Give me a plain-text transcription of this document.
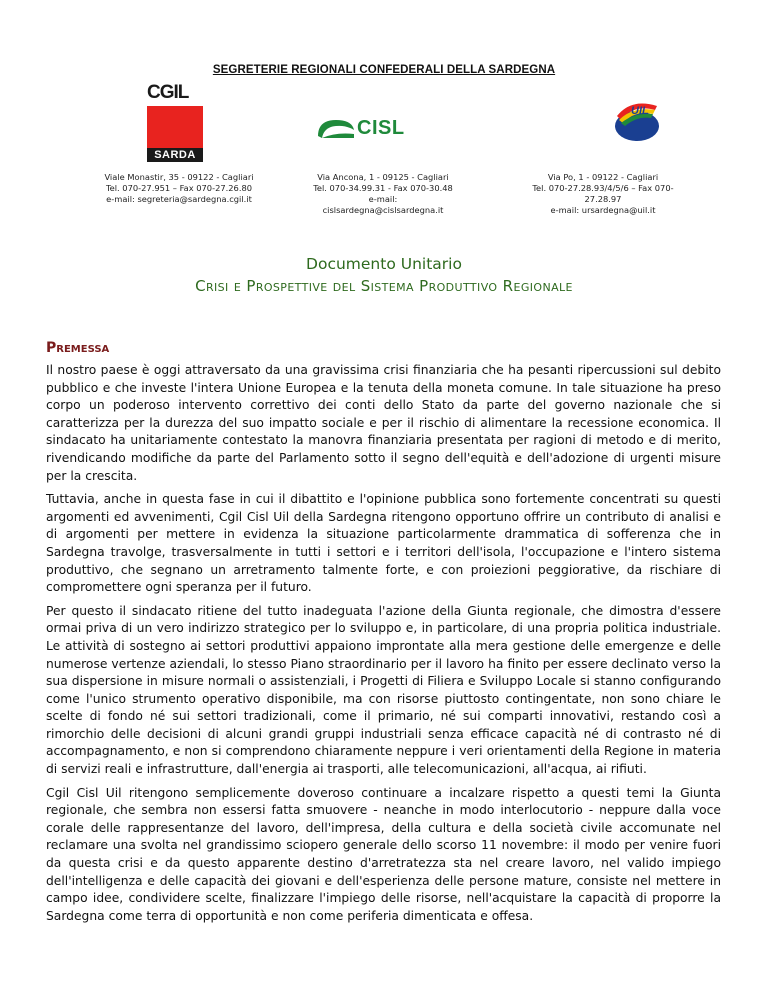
SEGRETERIE REGIONALI CONFEDERALI DELLA SARDEGNA
CGIL
SARDA
CISL
UIL
Viale Monastir, 35 - 09122 - Cagliari
Tel. 070-27.951 – Fax 070-27.26.80
e-mail: segreteria@sardegna.cgil.it
Via Ancona, 1 - 09125 - Cagliari
Tel. 070-34.99.31 - Fax 070-30.48
e-mail: cislsardegna@cislsardegna.it
Via Po, 1 - 09122 - Cagliari
Tel. 070-27.28.93/4/5/6 – Fax 070-27.28.97
e-mail: ursardegna@uil.it
Documento Unitario
Crisi e Prospettive del Sistema Produttivo Regionale
Premessa

Il nostro paese è oggi attraversato da una gravissima crisi finanziaria che ha pesanti ripercussioni sul debito pubblico e che investe l'intera Unione Europea e la tenuta della moneta comune. In tale situazione ha preso corpo un poderoso intervento correttivo dei conti dello Stato da parte del governo nazionale che si caratterizza per la durezza del suo impatto sociale e per il rischio di alimentare la recessione economica. Il sindacato ha unitariamente contestato la manovra finanziaria presentata per ragioni di metodo e di merito, rivendicando modifiche da parte del Parlamento sotto il segno dell'equità e dell'adozione di urgenti misure per la crescita.

Tuttavia, anche in questa fase in cui il dibattito e l'opinione pubblica sono fortemente concentrati su questi argomenti ed avvenimenti, Cgil Cisl Uil della Sardegna ritengono opportuno offrire un contributo di analisi e di argomenti per mettere in evidenza la situazione particolarmente drammatica di sofferenza che in Sardegna travolge, trasversalmente in tutti i settori e i territori dell'isola, l'occupazione e l'intero sistema produttivo, che segnano un arretramento talmente forte, e con proiezioni peggiorative, da rischiare di compromettere ogni speranza per il futuro.

Per questo il sindacato ritiene del tutto inadeguata l'azione della Giunta regionale, che dimostra d'essere ormai priva di un vero indirizzo strategico per lo sviluppo e, in particolare, di una propria politica industriale. Le attività di sostegno ai settori produttivi appaiono improntate alla mera gestione delle emergenze e delle numerose vertenze aziendali, lo stesso Piano straordinario per il lavoro ha finito per essere declinato verso la sua dispersione in misure normali o assistenziali, i Progetti di Filiera e Sviluppo Locale si stanno configurando come l'unico strumento operativo disponibile, ma con risorse piuttosto contingentate, non sono chiare le scelte di fondo né sui settori tradizionali, come il primario, né sui comparti innovativi, restando così a rimorchio delle decisioni di alcuni grandi gruppi industriali senza efficace capacità né di contrasto né di accompagnamento, e non si comprendono chiaramente neppure i veri orientamenti della Regione in materia di servizi reali e infrastrutture, dall'energia ai trasporti, alle telecomunicazioni, all'acqua, ai rifiuti.

Cgil Cisl Uil ritengono semplicemente doveroso continuare a incalzare rispetto a questi temi la Giunta regionale, che sembra non essersi fatta smuovere - neanche in modo interlocutorio - neppure dalla voce corale delle rappresentanze del lavoro, dell'impresa, della cultura e della società civile accomunate nel reclamare una svolta nel grandissimo sciopero generale dello scorso 11 novembre: il modo per venire fuori da questa crisi e da questo apparente destino d'arretratezza sta nel creare lavoro, nel valido impiego dell'intelligenza e delle capacità dei giovani e dell'esperienza delle persone mature, consiste nel mettere in campo idee, condividere scelte, finalizzare l'impiego delle risorse, nell'acquistare la capacità di proporre la Sardegna come terra di opportunità e non come periferia dimenticata e offesa.
